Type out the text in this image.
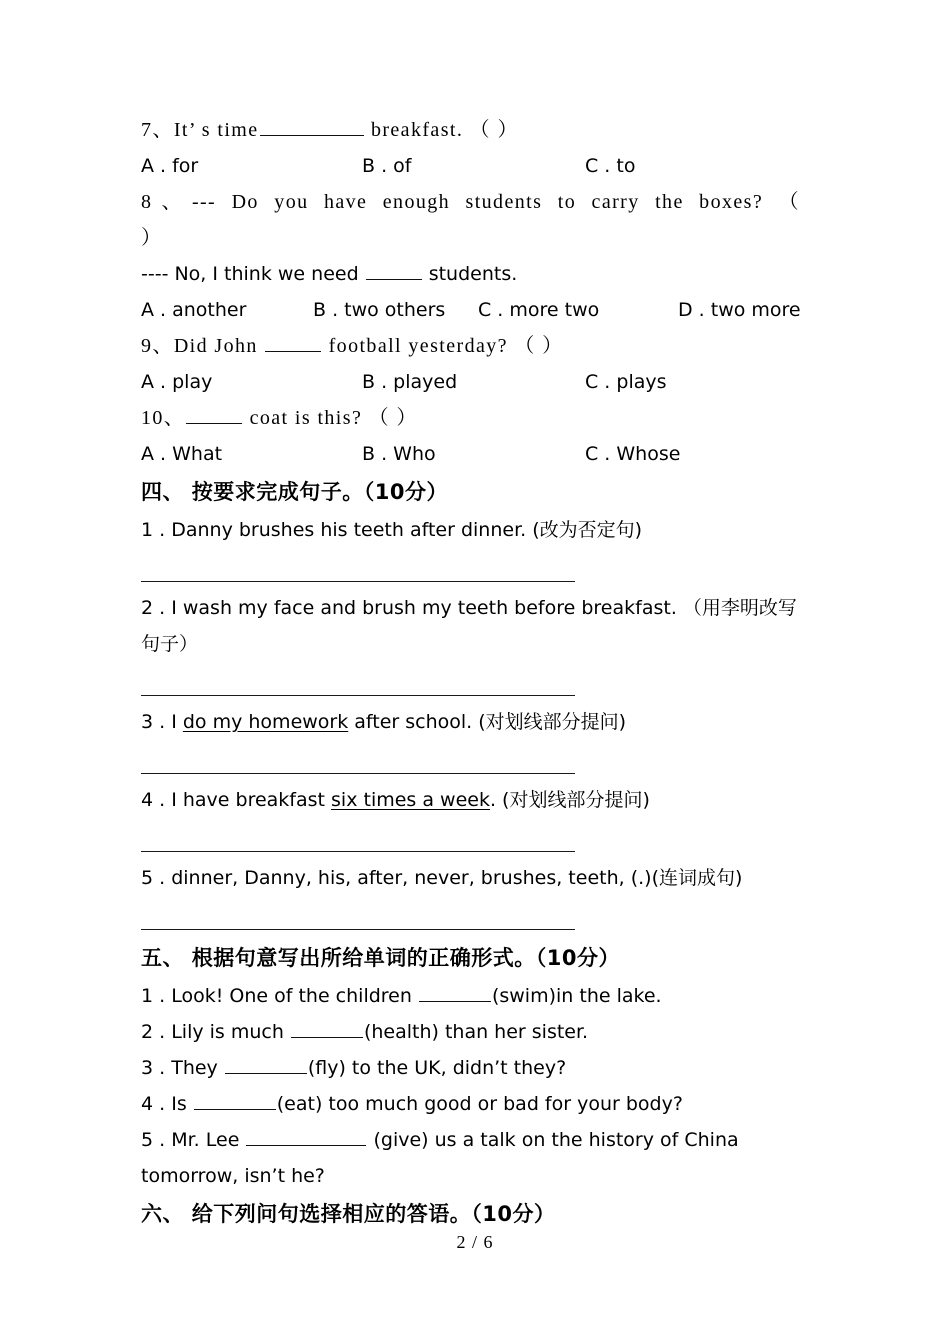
7、It’ s time	breakfast. （ ）

A . for	B . of	C . to

8、--- Do you have enough students to carry the boxes? （

）

---- No, I think we need	students.

A . another	B . two others C . more two	D . two more

9、Did John	football yesterday? （ ）

A . play	B . played	C . plays

10、	coat is this? （ ）

A . What	B . Who	C . Whose

四、 按要求完成句子。（10分）

1 . Danny brushes his teeth after dinner. (改为否定句)

2 . I wash my face and brush my teeth before breakfast. （用李明改写句子）

3 . I do my homework after school. (对划线部分提问)

4 . I have breakfast six times a week. (对划线部分提问)

5 . dinner, Danny, his, after, never, brushes, teeth, (.)(连词成句)

五、 根据句意写出所给单词的正确形式。（10分）

1 . Look! One of the children	(swim)in the lake.

2 . Lily is much	(health) than her sister.

3 . They	(fly) to the UK, didn’t they?

4 . Is	(eat) too much good or bad for your body?

5 . Mr. Lee	(give) us a talk on the history of China tomorrow, isn’t he?

六、 给下列问句选择相应的答语。（10分）

2 / 6
